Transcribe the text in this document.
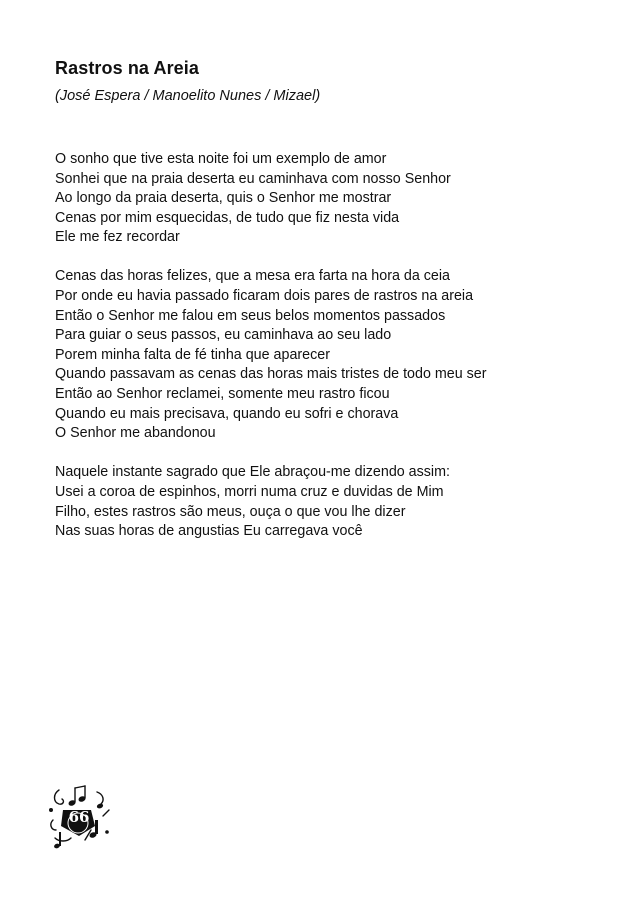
Rastros na Areia
(José Espera / Manoelito Nunes / Mizael)
O sonho que tive esta noite foi um exemplo de amor
Sonhei que na praia deserta eu caminhava com nosso Senhor
Ao longo da praia deserta, quis o Senhor me mostrar
Cenas por mim esquecidas, de tudo que fiz nesta vida
Ele me fez recordar
Cenas das horas felizes, que a mesa era farta na hora da ceia
Por onde eu havia passado ficaram dois pares de rastros na areia
Então o Senhor me falou em seus belos momentos passados
Para guiar o seus passos, eu caminhava ao seu lado
Porem minha falta de fé tinha que aparecer
Quando passavam as cenas das horas mais tristes de todo meu ser
Então ao Senhor reclamei, somente meu rastro ficou
Quando eu mais precisava, quando eu sofri e chorava
O Senhor me abandonou
Naquele instante sagrado que Ele abraçou-me dizendo assim:
Usei a coroa de espinhos, morri numa cruz e duvidas de Mim
Filho, estes rastros são meus, ouça o que vou lhe dizer
Nas suas horas de angustias Eu carregava você
66
